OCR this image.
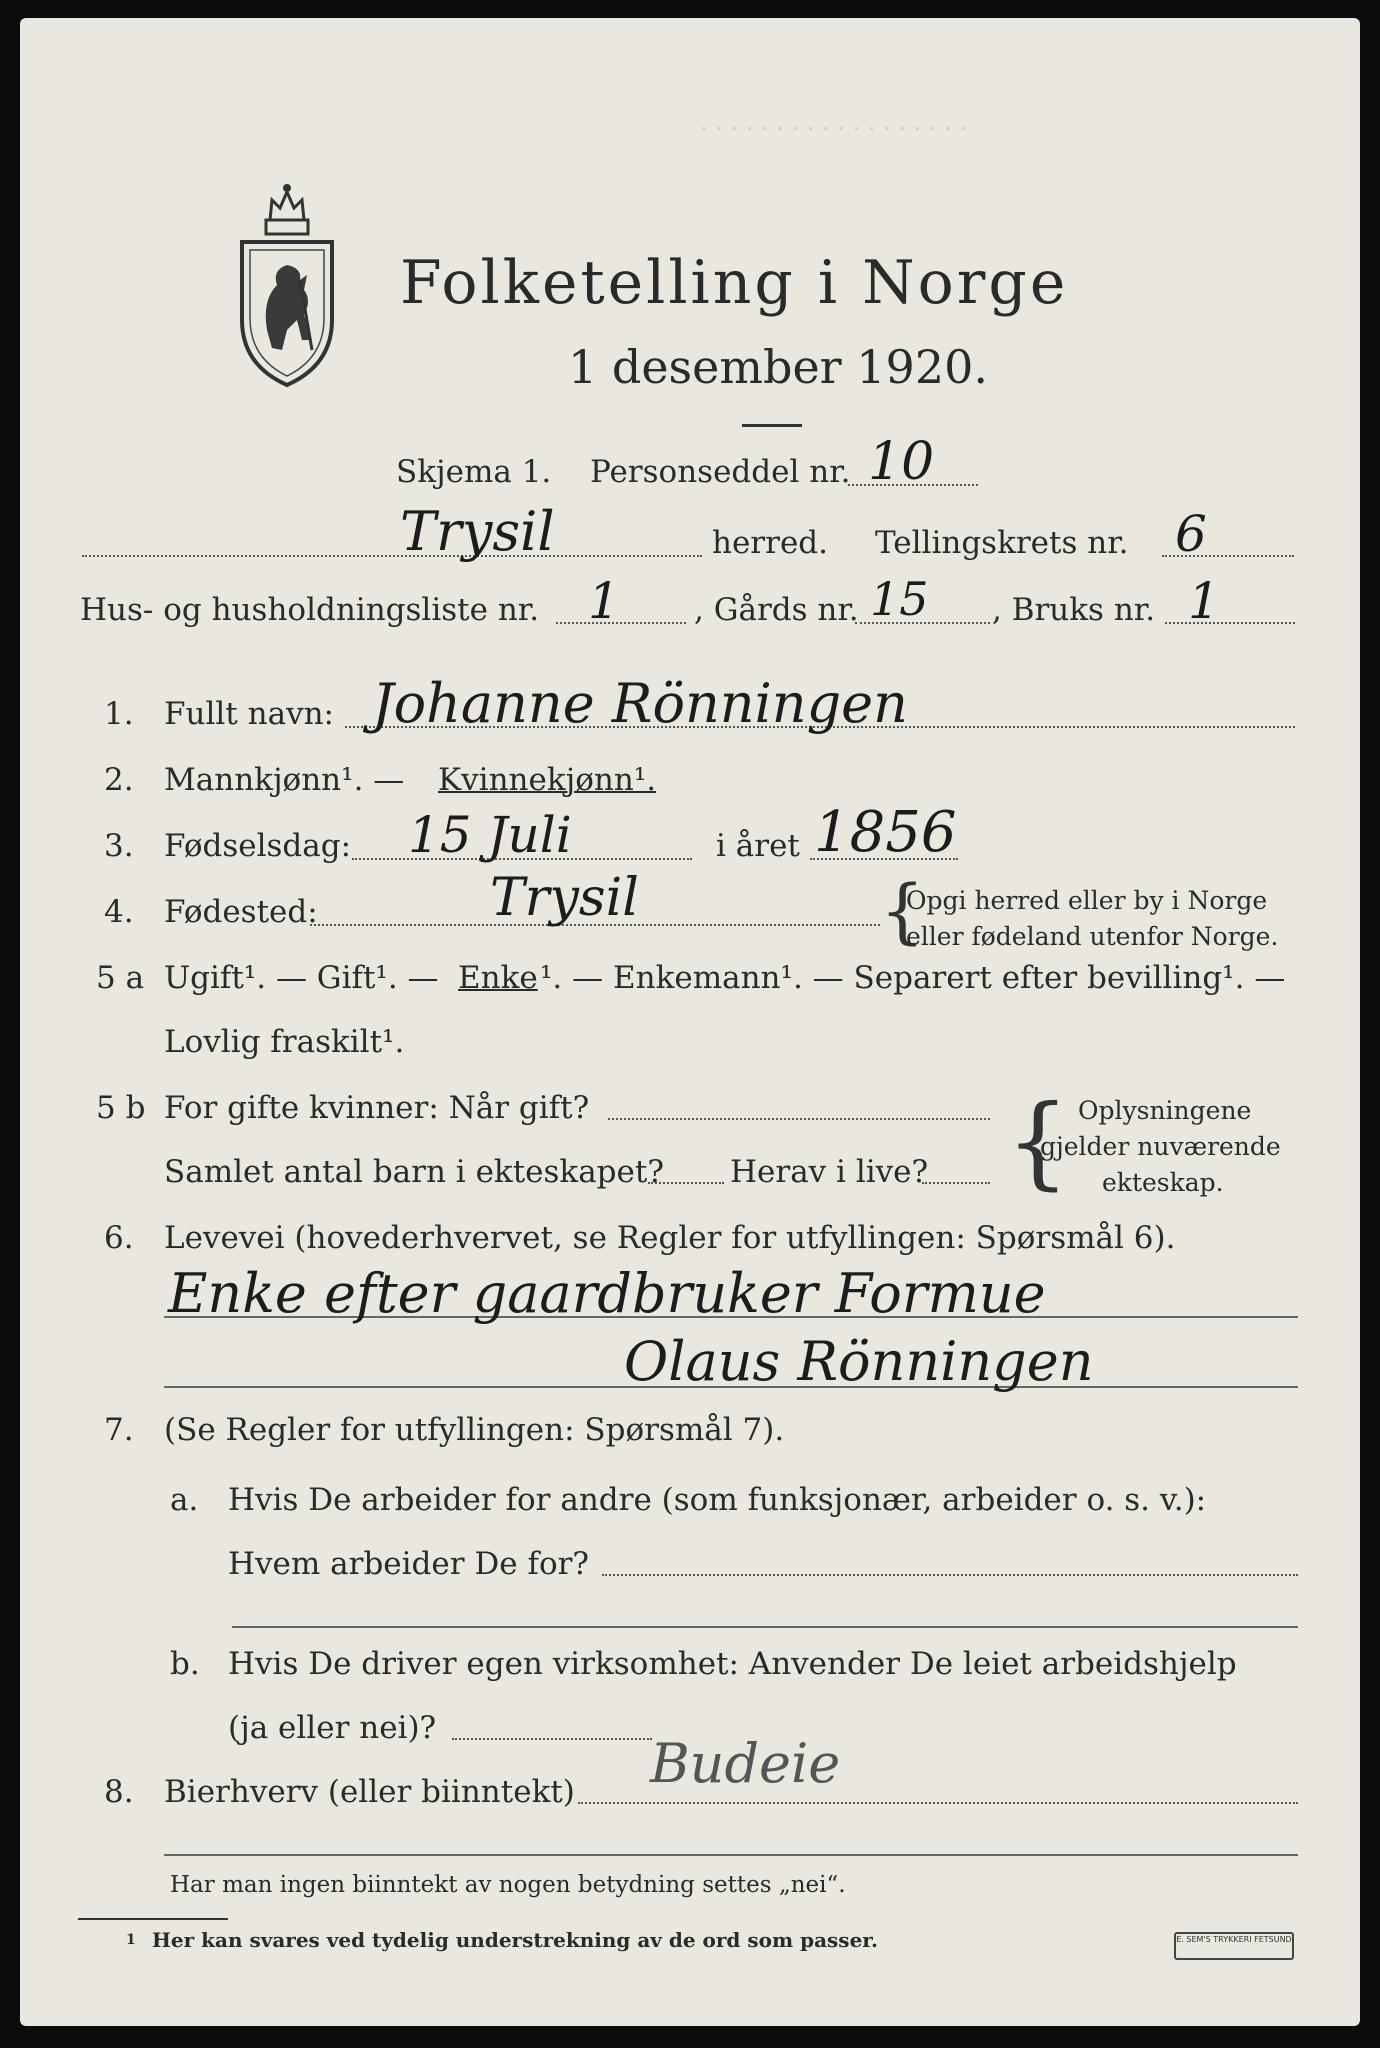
· · · · · · · · · · · · · · · · · ·
Folketelling i Norge
1 desember 1920.
Skjema 1. Personseddel nr. 10
Trysil	herred. Tellingskrets nr. 6
Hus- og husholdningsliste nr. 1 , Gårds nr. 15 , Bruks nr. 1
1. Fullt navn: Johanne Rönningen
2. Mannkjønn¹. — Kvinnekjønn¹.
3. Fødselsdag: 15 Juli	i året 1856
4. Fødested:	Trysil	{
Opgi herred eller by i Norge
eller fødeland utenfor Norge.
5 a Ugift¹. — Gift¹. — Enke ¹. — Enkemann¹. — Separert efter bevilling¹. —
Lovlig fraskilt¹.
5 b For gifte kvinner: Når gift?
Samlet antal barn i ekteskapet? Herav i live? { Oplysningene
gjelder nuværende
ekteskap.
6. Levevei (hovederhvervet, se Regler for utfyllingen: Spørsmål 6).
Enke efter gaardbruker Formue
Olaus Rönningen
7. (Se Regler for utfyllingen: Spørsmål 7).
a. Hvis De arbeider for andre (som funksjonær, arbeider o. s. v.):
Hvem arbeider De for?
b. Hvis De driver egen virksomhet: Anvender De leiet arbeidshjelp
(ja eller nei)?
8. Bierhverv (eller biinntekt) Budeie
Har man ingen biinntekt av nogen betydning settes „nei“.
1 Her kan svares ved tydelig understrekning av de ord som passer.	E. SEM'S TRYKKERI FETSUND
